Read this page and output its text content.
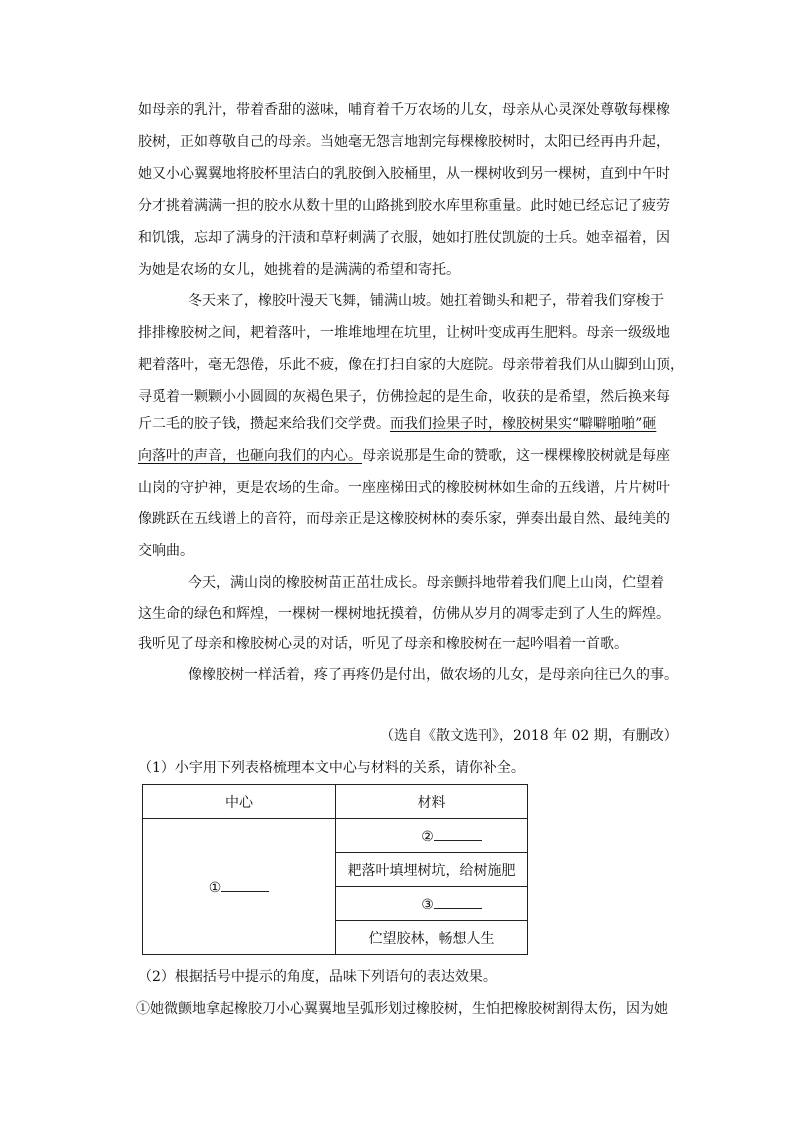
如母亲的乳汁，带着香甜的滋味，哺育着千万农场的儿女，母亲从心灵深处尊敬每棵橡
胶树，正如尊敬自己的母亲。当她毫无怨言地割完每棵橡胶树时，太阳已经再冉升起，
她又小心翼翼地将胶杯里洁白的乳胶倒入胶桶里，从一棵树收到另一棵树，直到中午时
分才挑着满满一担的胶水从数十里的山路挑到胶水库里称重量。此时她已经忘记了疲劳
和饥饿，忘却了满身的汗渍和草籽刺满了衣服，她如打胜仗凯旋的士兵。她幸福着，因
为她是农场的女儿，她挑着的是满满的希望和寄托。
冬天来了，橡胶叶漫天飞舞，铺满山坡。她扛着锄头和耙子，带着我们穿梭于
排排橡胶树之间，耙着落叶，一堆堆地埋在坑里，让树叶变成再生肥料。母亲一级级地
耙着落叶，毫无怨倦，乐此不疲，像在打扫自家的大庭院。母亲带着我们从山脚到山顶，
寻觅着一颗颗小小圆圆的灰褐色果子，仿佛捡起的是生命，收获的是希望，然后换来每
斤二毛的胶子钱，攒起来给我们交学费。而我们捡果子时，橡胶树果实“噼噼啪啪”砸
向落叶的声音，也砸向我们的内心。母亲说那是生命的赞歌，这一棵棵橡胶树就是每座
山岗的守护神，更是农场的生命。一座座梯田式的橡胶树林如生命的五线谱，片片树叶
像跳跃在五线谱上的音符，而母亲正是这橡胶树林的奏乐家，弹奏出最自然、最纯美的
交响曲。
今天，满山岗的橡胶树苗正茁壮成长。母亲颤抖地带着我们爬上山岗，伫望着
这生命的绿色和辉煌，一棵树一棵树地抚摸着，仿佛从岁月的凋零走到了人生的辉煌。
我听见了母亲和橡胶树心灵的对话，听见了母亲和橡胶树在一起吟唱着一首歌。
像橡胶树一样活着，疼了再疼仍是付出，做农场的儿女，是母亲向往已久的事。
（选自《散文选刊》，2018 年 02 期，有删改）
（1）小宇用下列表格梳理本文中心与材料的关系，请你补全。
中心	材料
①	②
	耙落叶填埋树坑，给树施肥
	③
	伫望胶林，畅想人生
（2）根据括号中提示的角度，品味下列语句的表达效果。
①她微颤地拿起橡胶刀小心翼翼地呈弧形划过橡胶树，生怕把橡胶树割得太伤，因为她
